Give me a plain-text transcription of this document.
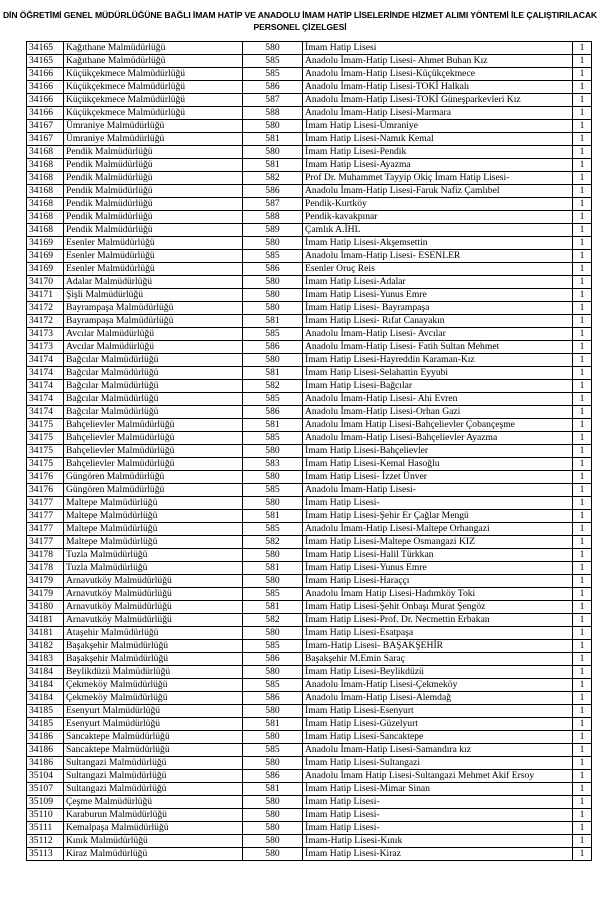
DİN ÖĞRETİMİ GENEL MÜDÜRLÜĞÜNE BAĞLI İMAM HATİP VE ANADOLU İMAM HATİP LİSELERİNDE HİZMET ALIMI YÖNTEMİ İLE ÇALIŞTIRILACAK
PERSONEL ÇİZELGESİ
34165	Kağıthane Malmüdürlüğü	580	İmam Hatip Lisesi	1
34165	Kağıthane Malmüdürlüğü	585	Anadolu İmam-Hatip Lisesi- Ahmet Buhan Kız	1
34166	Küçükçekmece Malmüdürlüğü	585	Anadolu İmam-Hatip Lisesi-Küçükçekmece	1
34166	Küçükçekmece Malmüdürlüğü	586	Anadolu İmam-Hatip Lisesi-TOKİ Halkalı	1
34166	Küçükçekmece Malmüdürlüğü	587	Anadolu İmam-Hatip Lisesi-TOKİ Güneşparkevleri Kız	1
34166	Küçükçekmece Malmüdürlüğü	588	Anadolu İmam-Hatip Lisesi-Marmara	1
34167	Ümraniye Malmüdürlüğü	580	İmam Hatip Lisesi-Ümraniye	1
34167	Ümraniye Malmüdürlüğü	581	İmam Hatip Lisesi-Namık Kemal	1
34168	Pendik Malmüdürlüğü	580	İmam Hatip Lisesi-Pendik	1
34168	Pendik Malmüdürlüğü	581	İmam Hatip Lisesi-Ayazma	1
34168	Pendik Malmüdürlüğü	582	Prof Dr. Muhammet Tayyip Okiç İmam Hatip Lisesi-	1
34168	Pendik Malmüdürlüğü	586	Anadolu İmam-Hatip Lisesi-Faruk Nafiz Çamlıbel	1
34168	Pendik Malmüdürlüğü	587	Pendik-Kurtköy	1
34168	Pendik Malmüdürlüğü	588	Pendik-kavakpınar	1
34168	Pendik Malmüdürlüğü	589	Çamlık A.İHL	1
34169	Esenler Malmüdürlüğü	580	İmam Hatip Lisesi-Akşemsettin	1
34169	Esenler Malmüdürlüğü	585	Anadolu İmam-Hatip Lisesi- ESENLER	1
34169	Esenler Malmüdürlüğü	586	Esenler Oruç Reis	1
34170	Adalar Malmüdürlüğü	580	İmam Hatip Lisesi-Adalar	1
34171	Şişli Malmüdürlüğü	580	İmam Hatip Lisesi-Yunus Emre	1
34172	Bayrampaşa Malmüdürlüğü	580	İmam Hatip Lisesi- Bayrampaşa	1
34172	Bayrampaşa Malmüdürlüğü	581	İmam Hatip Lisesi- Rıfat Canayakın	1
34173	Avcılar Malmüdürlüğü	585	Anadolu İmam-Hatip Lisesi- Avcılar	1
34173	Avcılar Malmüdürlüğü	586	Anadolu İmam-Hatip Lisesi- Fatih Sultan Mehmet	1
34174	Bağcılar Malmüdürlüğü	580	İmam Hatip Lisesi-Hayreddin Karaman-Kız	1
34174	Bağcılar Malmüdürlüğü	581	İmam Hatip Lisesi-Selahattin Eyyubi	1
34174	Bağcılar Malmüdürlüğü	582	İmam Hatip Lisesi-Bağcılar	1
34174	Bağcılar Malmüdürlüğü	585	Anadolu İmam-Hatip Lisesi- Ahi Evren	1
34174	Bağcılar Malmüdürlüğü	586	Anadolu İmam-Hatip Lisesi-Orhan Gazi	1
34175	Bahçelievler Malmüdürlüğü	581	Anadolu İmam Hatip Lisesi-Bahçelievler Çobançeşme	1
34175	Bahçelievler Malmüdürlüğü	585	Anadolu İmam-Hatip Lisesi-Bahçelievler Ayazma	1
34175	Bahçelievler Malmüdürlüğü	580	İmam Hatip Lisesi-Bahçelievler	1
34175	Bahçelievler Malmüdürlüğü	583	İmam Hatip Lisesi-Kemal Hasoğlu	1
34176	Güngören Malmüdürlüğü	580	İmam Hatip Lisesi- İzzet Ünver	1
34176	Güngören Malmüdürlüğü	585	Anadolu İmam-Hatip Lisesi-	1
34177	Maltepe Malmüdürlüğü	580	İmam Hatip Lisesi-	1
34177	Maltepe Malmüdürlüğü	581	İmam Hatip Lisesi-Şehir Er Çağlar Mengü	1
34177	Maltepe Malmüdürlüğü	585	Anadolu İmam-Hatip Lisesi-Maltepe Orhangazi	1
34177	Maltepe Malmüdürlüğü	582	İmam Hatip Lisesi-Maltepe Osmangazi KIZ	1
34178	Tuzla Malmüdürlüğü	580	İmam Hatip Lisesi-Halil Türkkan	1
34178	Tuzla Malmüdürlüğü	581	İmam Hatip Lisesi-Yunus Emre	1
34179	Arnavutköy Malmüdürlüğü	580	İmam Hatip Lisesi-Haraççı	1
34179	Arnavutköy Malmüdürlüğü	585	Anadolu İmam Hatip Lisesi-Hadımköy Toki	1
34180	Arnavutköy Malmüdürlüğü	581	İmam Hatip Lisesi-Şehit Onbaşı Murat Şengöz	1
34181	Arnavutköy Malmüdürlüğü	582	İmam Hatip Lisesi-Prof. Dr. Necmettin Erbakan	1
34181	Ataşehir Malmüdürlüğü	580	İmam Hatip Lisesi-Esatpaşa	1
34182	Başakşehir Malmüdürlüğü	585	İmam-Hatip Lisesi- BAŞAKŞEHİR	1
34183	Başakşehir Malmüdürlüğü	586	Başakşehir M.Emin Saraç	1
34184	Beylikdüzü Malmüdürlüğü	580	İmam Hatip Lisesi-Beylikdüzü	1
34184	Çekmeköy Malmüdürlüğü	585	Anadolu İmam-Hatip Lisesi-Çekmeköy	1
34184	Çekmeköy Malmüdürlüğü	586	Anadolu İmam-Hatip Lisesi-Alemdağ	1
34185	Esenyurt Malmüdürlüğü	580	İmam Hatip Lisesi-Esenyurt	1
34185	Esenyurt Malmüdürlüğü	581	İmam Hatip Lisesi-Güzelyurt	1
34186	Sancaktepe Malmüdürlüğü	580	İmam Hatip Lisesi-Sancaktepe	1
34186	Sancaktepe Malmüdürlüğü	585	Anadolu İmam-Hatip Lisesi-Samandıra kız	1
34186	Sultangazi Malmüdürlüğü	580	İmam Hatip Lisesi-Sultangazi	1
35104	Sultangazi Malmüdürlüğü	586	Anadolu İmam Hatip Lisesi-Sultangazi Mehmet Akif Ersoy	1
35107	Sultangazi Malmüdürlüğü	581	İmam Hatip Lisesi-Mimar Sinan	1
35109	Çeşme Malmüdürlüğü	580	İmam Hatip Lisesi-	1
35110	Karaburun Malmüdürlüğü	580	İmam Hatip Lisesi-	1
35111	Kemalpaşa Malmüdürlüğü	580	İmam Hatip Lisesi-	1
35112	Kınık Malmüdürlüğü	580	İmam-Hatip Lisesi-Kınık	1
35113	Kiraz Malmüdürlüğü	580	İmam Hatip Lisesi-Kiraz	1
